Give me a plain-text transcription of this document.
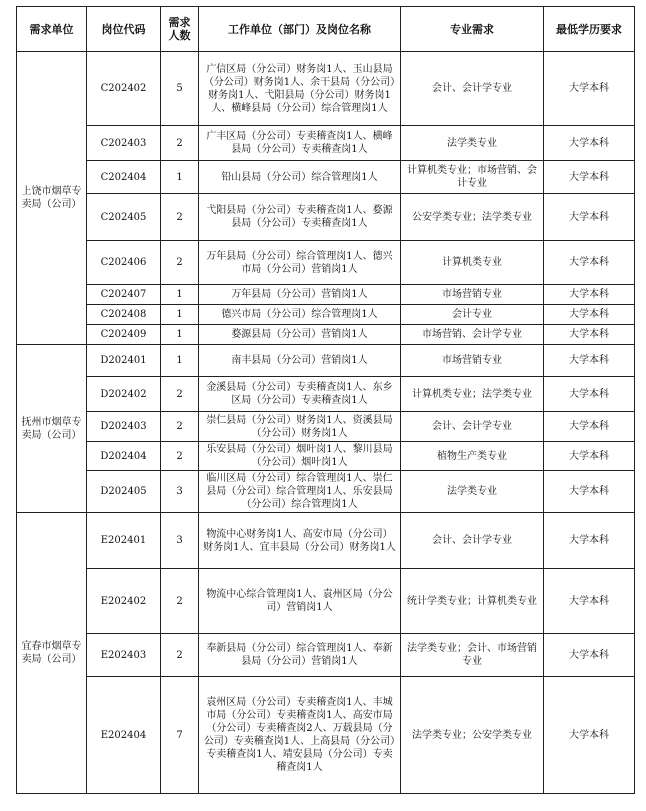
需求单位	岗位代码	需求人数	工作单位（部门）及岗位名称	专业需求	最低学历要求
上饶市烟草专卖局（公司）	C202402	5	广信区局（分公司）财务岗1人、玉山县局（分公司）财务岗1人、余干县局（分公司）财务岗1人、弋阳县局（分公司）财务岗1人、横峰县局（分公司）综合管理岗1人	会计、会计学专业	大学本科
	C202403	2	广丰区局（分公司）专卖稽查岗1人、横峰县局（分公司）专卖稽查岗1人	法学类专业	大学本科
	C202404	1	铅山县局（分公司）综合管理岗1人	计算机类专业；市场营销、会计专业	大学本科
	C202405	2	弋阳县局（分公司）专卖稽查岗1人、婺源县局（分公司）专卖稽查岗1人	公安学类专业；法学类专业	大学本科
	C202406	2	万年县局（分公司）综合管理岗1人、德兴市局（分公司）营销岗1人	计算机类专业	大学本科
	C202407	1	万年县局（分公司）营销岗1人	市场营销专业	大学本科
	C202408	1	德兴市局（分公司）综合管理岗1人	会计专业	大学本科
	C202409	1	婺源县局（分公司）营销岗1人	市场营销、会计学专业	大学本科
抚州市烟草专卖局（公司）	D202401	1	南丰县局（分公司）营销岗1人	市场营销专业	大学本科
	D202402	2	金溪县局（分公司）专卖稽查岗1人、东乡区局（分公司）专卖稽查岗1人	计算机类专业；法学类专业	大学本科
	D202403	2	崇仁县局（分公司）财务岗1人、资溪县局（分公司）财务岗1人	会计、会计学专业	大学本科
	D202404	2	乐安县局（分公司）烟叶岗1人、黎川县局（分公司）烟叶岗1人	植物生产类专业	大学本科
	D202405	3	临川区局（分公司）综合管理岗1人、崇仁县局（分公司）综合管理岗1人、乐安县局（分公司）综合管理岗1人	法学类专业	大学本科
宜春市烟草专卖局（公司）	E202401	3	物流中心财务岗1人、高安市局（分公司）财务岗1人、宜丰县局（分公司）财务岗1人	会计、会计学专业	大学本科
	E202402	2	物流中心综合管理岗1人、袁州区局（分公司）营销岗1人	统计学类专业；计算机类专业	大学本科
	E202403	2	奉新县局（分公司）综合管理岗1人、奉新县局（分公司）营销岗1人	法学类专业；会计、市场营销专业	大学本科
	E202404	7	袁州区局（分公司）专卖稽查岗1人、丰城市局（分公司）专卖稽查岗1人、高安市局（分公司）专卖稽查岗2人、万载县局（分公司）专卖稽查岗1人、上高县局（分公司）专卖稽查岗1人、靖安县局（分公司）专卖稽查岗1人	法学类专业；公安学类专业	大学本科
